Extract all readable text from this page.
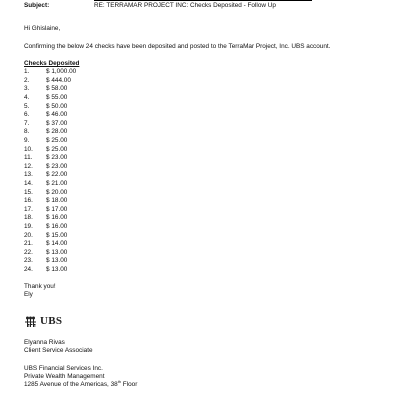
Subject:	RE: TERRAMAR PROJECT INC: Checks Deposited - Follow Up
Hi Ghislaine,
Confirming the below 24 checks have been deposited and posted to the TerraMar Project, Inc. UBS account.
Checks Deposited
1.	$ 1,000.00
2.	$ 444.00
3.	$ 58.00
4.	$ 55.00
5.	$ 50.00
6.	$ 46.00
7.	$ 37.00
8.	$ 28.00
9.	$ 25.00
10.	$ 25.00
11.	$ 23.00
12.	$ 23.00
13.	$ 22.00
14.	$ 21.00
15.	$ 20.00
16.	$ 18.00
17.	$ 17.00
18.	$ 16.00
19.	$ 16.00
20.	$ 15.00
21.	$ 14.00
22.	$ 13.00
23.	$ 13.00
24.	$ 13.00
Thank you!
Ely
UBS
Elyanna Rivas
Client Service Associate
UBS Financial Services Inc.
Private Wealth Management
1285 Avenue of the Americas, 38th Floor
